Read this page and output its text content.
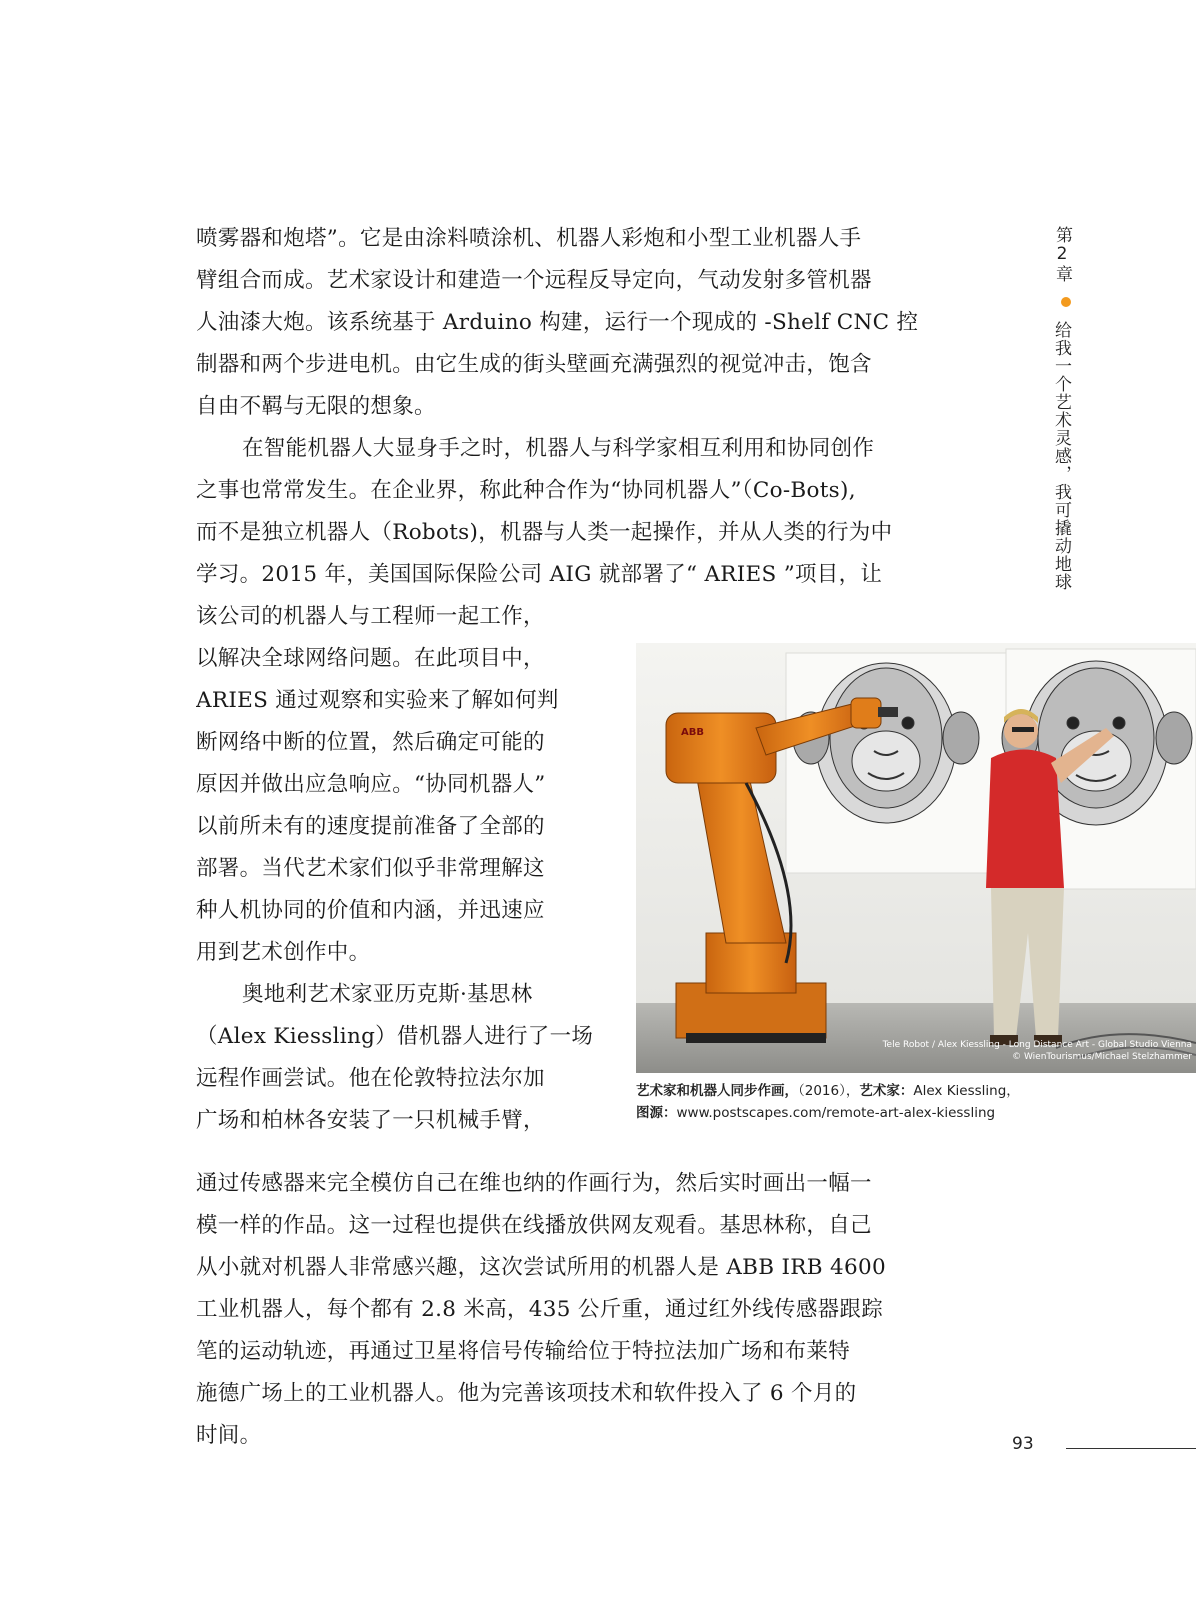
喷雾器和炮塔”。它是由涂料喷涂机、机器人彩炮和小型工业机器人手
臂组合而成。艺术家设计和建造一个远程反导定向，气动发射多管机器
人油漆大炮。该系统基于 Arduino 构建，运行一个现成的 -Shelf CNC 控
制器和两个步进电机。由它生成的街头壁画充满强烈的视觉冲击，饱含
自由不羁与无限的想象。
在智能机器人大显身手之时，机器人与科学家相互利用和协同创作
之事也常常发生。在企业界，称此种合作为“协同机器人”（Co-Bots),
而不是独立机器人（Robots)，机器与人类一起操作，并从人类的行为中
学习。2015 年，美国国际保险公司 AIG 就部署了“ ARIES ”项目，让
该公司的机器人与工程师一起工作，
以解决全球网络问题。在此项目中，
ARIES 通过观察和实验来了解如何判
断网络中断的位置，然后确定可能的
原因并做出应急响应。“协同机器人”
以前所未有的速度提前准备了全部的
部署。当代艺术家们似乎非常理解这
种人机协同的价值和内涵，并迅速应
用到艺术创作中。
奥地利艺术家亚历克斯·基思林
（Alex Kiessling）借机器人进行了一场
远程作画尝试。他在伦敦特拉法尔加
广场和柏林各安装了一只机械手臂，
通过传感器来完全模仿自己在维也纳的作画行为，然后实时画出一幅一
模一样的作品。这一过程也提供在线播放供网友观看。基思林称，自己
从小就对机器人非常感兴趣，这次尝试所用的机器人是 ABB IRB 4600
工业机器人，每个都有 2.8 米高，435 公斤重，通过红外线传感器跟踪
笔的运动轨迹，再通过卫星将信号传输给位于特拉法加广场和布莱特
施德广场上的工业机器人。他为完善该项技术和软件投入了 6 个月的
时间。
第2章
给我一个艺术灵感，我可撬动地球
ABB
Tele Robot / Alex Kiessling - Long Distance Art - Global Studio Vienna
© WienTourismus/Michael Stelzhammer
艺术家和机器人同步作画，（2016），艺术家：Alex Kiessling，
图源：www.postscapes.com/remote-art-alex-kiessling
93
